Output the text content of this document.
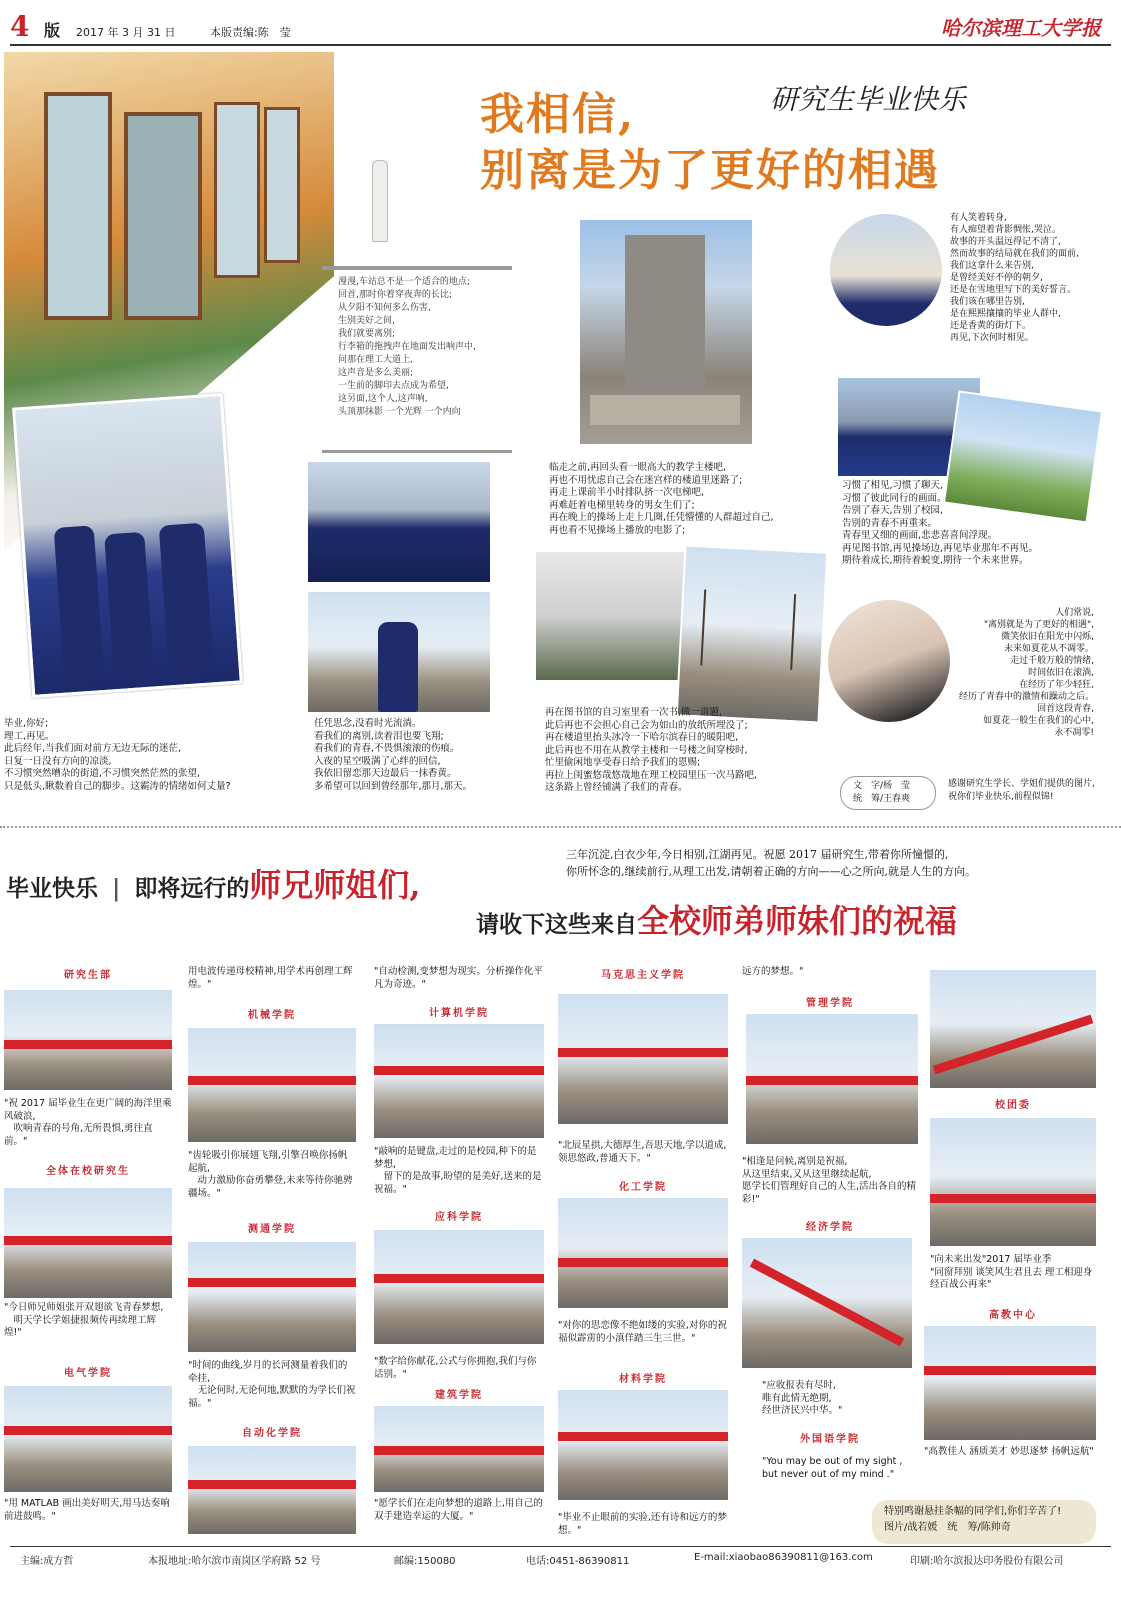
4 版 2017 年 3 月 31 日	本版责编:陈　莹	哈尔滨理工大学报
我相信,
别离是为了更好的相遇
研究生毕业快乐
漫漫,车站总不是一个适合的地点;
回首,那时你着穿夜奔的长比;
从夕阳不知何多么伤害,
生别美好之间,
我们就要离别;
行李箱的拖拽声在地面发出响声中,
问那在理工大道上,
这声音是多么美丽;
一生前的脚印去点成为希望,
这另面,这个人,这声响,
头顶那抹影 一个光辉 一个内向
毕业,你好;
理工,再见。
此后经年,当我们面对前方无边无际的迷茫,
日复一日没有方向的凉淡,
不习惯突然嘈杂的街道,不习惯突然茫然的张望,
只是低头,瞅数着自己的脚步。这霸涛的情绪如何丈量?
任凭思念,没看时光流淌。
看我们的离别,读着泪也要飞翔;
看我们的青春,不畏惧滚滚的伤痕。
入夜的星空吸满了心绊的回信,
我依旧留恋那天边最后一抹香黄。
多希望可以回到曾经那年,那月,那天。
临走之前,再回头看一眼高大的教学主楼吧,
再也不用忧虑自己会在迷宫样的楼道里迷路了;
再走上课前半小时排队挤一次电梯吧,
再难赶着电梯里转身的男女生们了;
再在晚上的操场上走上几圈,任凭懵懂的人群超过自己,
再也看不见操场上播放的电影了;
再在图书馆的自习室里看一次书,做一道题,
此后再也不会担心自己会为如山的放纸所埋没了;
再在楼道里抬头冰冷一下哈尔滨春日的暖阳吧,
此后再也不用在从教学主楼和一号楼之间穿梭时,
忙里偷闲地享受春日给予我们的恩赐;
再拉上闺蜜悠哉悠哉地在理工校园里压一次马路吧,
这条路上曾经铺满了我们的青春。
有人笑着转身,
有人痴望着背影惆怅,哭泣。
故事的开头温远得记不清了,
然而故事的结局就在我们的面前,
我们这拿什么来告别,
是曾经美好不停的朝夕,
还是在雪地里写下的美好誓言。
我们该在哪里告别,
是在熙熙攘攘的毕业人群中,
还是香黄的街灯下。
再见,下次何时相见。
习惯了相见,习惯了聊天,
习惯了彼此同行的画面。
告别了春天,告别了校园,
告别的青春不再重来。
青春里又细的画面,悲悲喜喜间浮现。
再见图书馆,再见操场边,再见毕业那年不再见。
期待着成长,期待着蜕变,期待一个未来世界。
人们常说,
"离别就是为了更好的相遇",
微笑依旧在阳光中闪烁,
未来如夏花从不凋零。
走过千般万般的情绪,
时间依旧在滚淌,
在经历了年少轻狂,
经历了青春中的激情和躁动之后。
回首这段青春,
如夏花一般生在我们的心中,
永不凋零!
文　字/杨　莹
统　筹/王春爽
感谢研究生学长、学姐们提供的图片,祝你们毕业快乐,前程似锦!
毕业快乐 | 即将远行的师兄师姐们,
请收下这些来自全校师弟师妹们的祝福
三年沉淀,白衣少年,今日相别,江湖再见。祝愿 2017 届研究生,带着你所憧憬的,
你所怀念的,继续前行,从理工出发,请朝着正确的方向——心之所向,就是人生的方向。
研究生部
"祝 2017 届毕业生在更广阔的海洋里乘风破浪,
　吹响青春的号角,无所畏惧,勇往直前。"
全体在校研究生
"今日师兄师姐张开双翅欲飞青春梦想,
　明天学长学姐捷报频传再续理工辉煌!"
电气学院
"用 MATLAB 画出美好明天,用马达奏响前进鼓鸣。"
用电波传递母校精神,用学术再创理工辉煌。"
机械学院
"齿轮吸引你展翅飞翔,引擎召唤你扬帆起航,
　动力激励你奋勇攀登,未来等待你驰骋疆场。"
测通学院
"时间的曲线,岁月的长河测量着我们的牵挂,
　无论何时,无论何地,默默的为学长们祝福。"
自动化学院
"自动检测,变梦想为现实。分析操作化平凡为奇迹。"
计算机学院
"敲响的是键盘,走过的是校园,种下的是梦想,
　留下的是故事,盼望的是美好,送来的是祝福。"
应科学院
"数字给你献花,公式与你拥抱,我们与你话别。"
建筑学院
"愿学长们在走向梦想的道路上,用自己的双手建造幸运的大厦。"
马克思主义学院
"北辰星拱,大德厚生,吾思天地,学以道成,领思悠政,普通天下。"
化工学院
"对你的思恋像不绝如缕的实验,对你的祝福似霹雳的小滇佯踏三生三世。"
材料学院
"毕业不止眼前的实验,还有诗和远方的梦想。"
远方的梦想。"
管理学院
"相逢是问候,离别是祝福,
从这里结束,又从这里继续起航,
愿学长们管理好自己的人生,活出各自的精彩!"
经济学院
"应收报表有尽时,
唯有此情无绝期,
经世济民兴中华。"
外国语学院
"You may be out of my sight ,
but never out of my mind ."
校团委
"向未来出发"2017 届毕业季
"同窗拜别 谈笑风生君且去 理工相迎身经百战公再来"
高教中心
"高教佳人 涵质美才 妙思逐梦 扬帆远航"
特别鸣谢悬挂条幅的同学们,你们辛苦了!
图片/战若媛　统　筹/陈帅奇
主编:成方哲	本报地址:哈尔滨市南岗区学府路 52 号	邮编:150080	电话:0451-86390811	E-mail:xiaobao86390811@163.com	印刷:哈尔滨报达印务股份有限公司
